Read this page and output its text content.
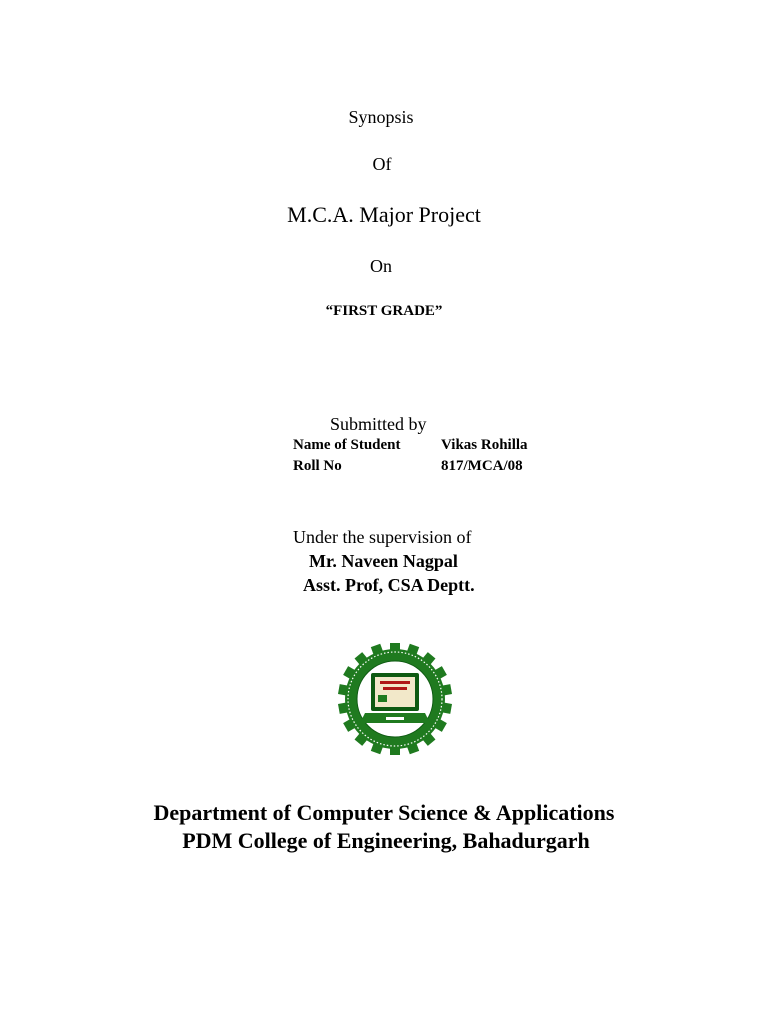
Synopsis
Of
M.C.A. Major Project
On
“FIRST GRADE”
Submitted by
Name of Student	Vikas Rohilla
Roll No	817/MCA/08
Under the supervision of
Mr. Naveen Nagpal
Asst. Prof, CSA Deptt.
Department of Computer Science & Applications
PDM College of Engineering, Bahadurgarh
